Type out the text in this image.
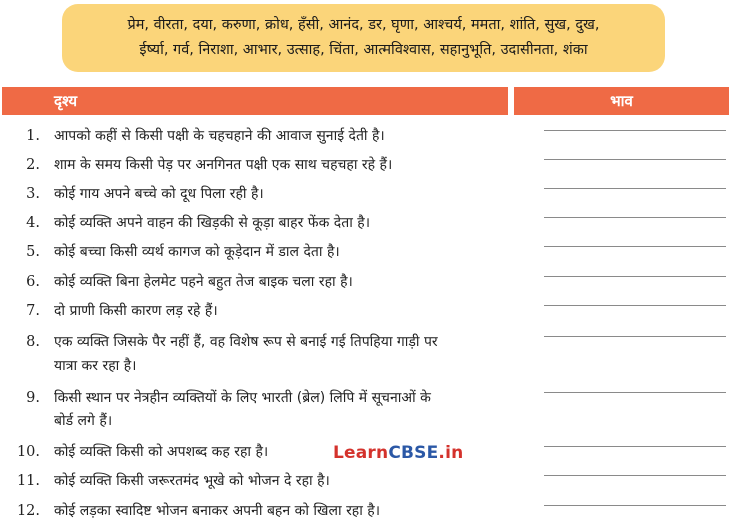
प्रेम, वीरता, दया, करुणा, क्रोध, हँसी, आनंद, डर, घृणा, आश्चर्य, ममता, शांति, सुख, दुख,
ईर्ष्या, गर्व, निराशा, आभार, उत्साह, चिंता, आत्मविश्वास, सहानुभूति, उदासीनता, शंका
दृश्य	भाव
1. आपको कहीं से किसी पक्षी के चहचहाने की आवाज सुनाई देती है।
2. शाम के समय किसी पेड़ पर अनगिनत पक्षी एक साथ चहचहा रहे हैं।
3. कोई गाय अपने बच्चे को दूध पिला रही है।
4. कोई व्यक्ति अपने वाहन की खिड़की से कूड़ा बाहर फेंक देता है।
5. कोई बच्चा किसी व्यर्थ कागज को कूड़ेदान में डाल देता है।
6. कोई व्यक्ति बिना हेलमेट पहने बहुत तेज बाइक चला रहा है।
7. दो प्राणी किसी कारण लड़ रहे हैं।
8. एक व्यक्ति जिसके पैर नहीं हैं, वह विशेष रूप से बनाई गई तिपहिया गाड़ी पर
यात्रा कर रहा है।
9. किसी स्थान पर नेत्रहीन व्यक्तियों के लिए भारती (ब्रेल) लिपि में सूचनाओं के
बोर्ड लगे हैं।
10. कोई व्यक्ति किसी को अपशब्द कह रहा है।
11. कोई व्यक्ति किसी जरूरतमंद भूखे को भोजन दे रहा है।
12. कोई लड़का स्वादिष्ट भोजन बनाकर अपनी बहन को खिला रहा है।
LearnCBSE.in
